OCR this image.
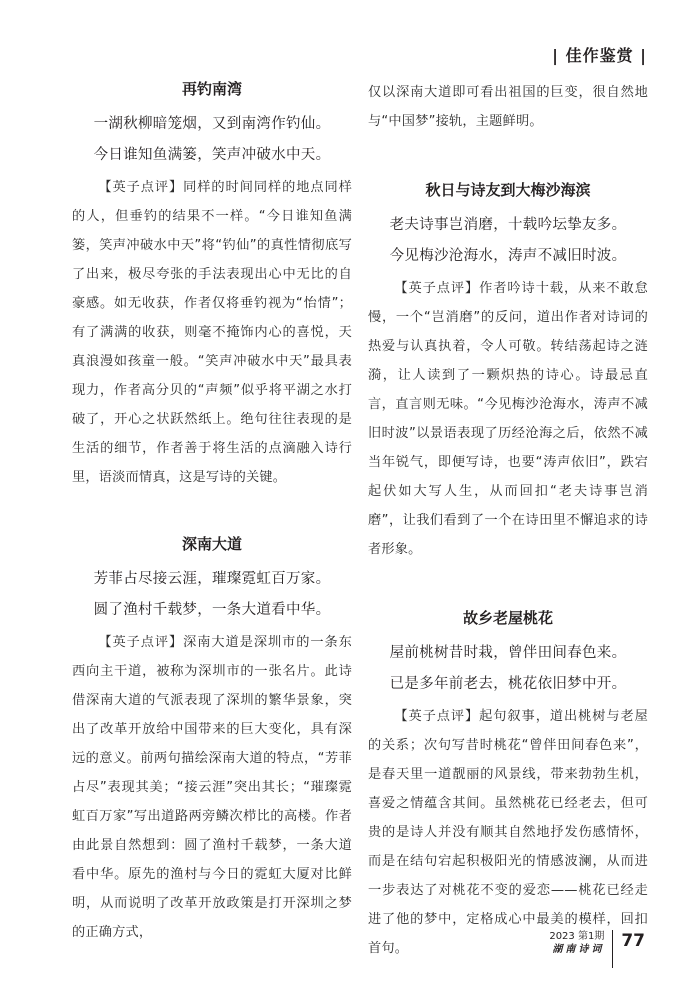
| 佳作鉴赏 |

再钓南湾

一湖秋柳暗笼烟，又到南湾作钓仙。

今日谁知鱼满篓，笑声冲破水中天。

【英子点评】同样的时间同样的地点同样的人，但垂钓的结果不一样。“今日谁知鱼满篓，笑声冲破水中天”将“钓仙”的真性情彻底写了出来，极尽夸张的手法表现出心中无比的自豪感。如无收获，作者仅将垂钓视为“怡情”；有了满满的收获，则毫不掩饰内心的喜悦，天真浪漫如孩童一般。“笑声冲破水中天”最具表现力，作者高分贝的“声频”似乎将平湖之水打破了，开心之状跃然纸上。绝句往往表现的是生活的细节，作者善于将生活的点滴融入诗行里，语淡而情真，这是写诗的关键。

深南大道

芳菲占尽接云涯，璀璨霓虹百万家。

圆了渔村千载梦，一条大道看中华。

【英子点评】深南大道是深圳市的一条东西向主干道，被称为深圳市的一张名片。此诗借深南大道的气派表现了深圳的繁华景象，突出了改革开放给中国带来的巨大变化，具有深远的意义。前两句描绘深南大道的特点，“芳菲占尽”表现其美；“接云涯”突出其长；“璀璨霓虹百万家”写出道路两旁鳞次栉比的高楼。作者由此景自然想到：圆了渔村千载梦，一条大道看中华。原先的渔村与今日的霓虹大厦对比鲜明，从而说明了改革开放政策是打开深圳之梦的正确方式，

仅以深南大道即可看出祖国的巨变，很自然地与“中国梦”接轨，主题鲜明。

秋日与诗友到大梅沙海滨

老夫诗事岂消磨，十载吟坛挚友多。

今见梅沙沧海水，涛声不减旧时波。

【英子点评】作者吟诗十载，从来不敢怠慢，一个“岂消磨”的反问，道出作者对诗词的热爱与认真执着，令人可敬。转结荡起诗之涟漪，让人读到了一颗炽热的诗心。诗最忌直言，直言则无味。“今见梅沙沧海水，涛声不减旧时波”以景语表现了历经沧海之后，依然不减当年锐气，即便写诗，也要“涛声依旧”，跌宕起伏如大写人生，从而回扣“老夫诗事岂消磨”，让我们看到了一个在诗田里不懈追求的诗者形象。

故乡老屋桃花

屋前桃树昔时栽，曾伴田间春色来。

已是多年前老去，桃花依旧梦中开。

【英子点评】起句叙事，道出桃树与老屋的关系；次句写昔时桃花“曾伴田间春色来”，是春天里一道靓丽的风景线，带来勃勃生机，喜爱之情蕴含其间。虽然桃花已经老去，但可贵的是诗人并没有顺其自然地抒发伤感情怀，而是在结句宕起积极阳光的情感波澜，从而进一步表达了对桃花不变的爱恋——桃花已经走进了他的梦中，定格成心中最美的模样，回扣首句。

2023 第1期
湖南诗词 77
